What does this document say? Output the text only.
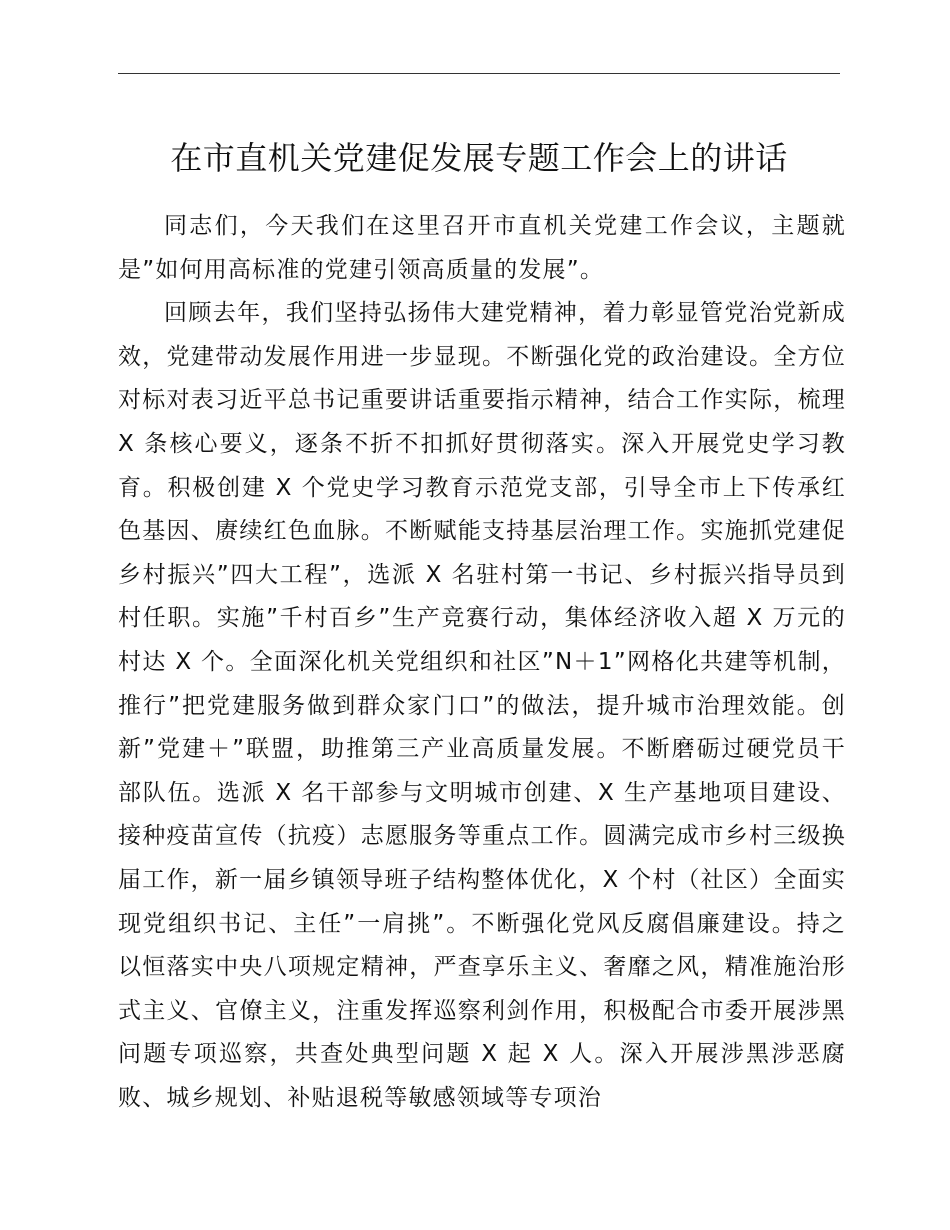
在市直机关党建促发展专题工作会上的讲话

同志们，今天我们在这里召开市直机关党建工作会议，主题就是”如何用高标准的党建引领高质量的发展”。

回顾去年，我们坚持弘扬伟大建党精神，着力彰显管党治党新成效，党建带动发展作用进一步显现。不断强化党的政治建设。全方位对标对表习近平总书记重要讲话重要指示精神，结合工作实际，梳理 X 条核心要义，逐条不折不扣抓好贯彻落实。深入开展党史学习教育。积极创建 X 个党史学习教育示范党支部，引导全市上下传承红色基因、赓续红色血脉。不断赋能支持基层治理工作。实施抓党建促乡村振兴”四大工程”，选派 X 名驻村第一书记、乡村振兴指导员到村任职。实施”千村百乡”生产竞赛行动，集体经济收入超 X 万元的村达 X 个。全面深化机关党组织和社区”N＋1”网格化共建等机制，推行”把党建服务做到群众家门口”的做法，提升城市治理效能。创新”党建＋”联盟，助推第三产业高质量发展。不断磨砺过硬党员干部队伍。选派 X 名干部参与文明城市创建、X 生产基地项目建设、接种疫苗宣传（抗疫）志愿服务等重点工作。圆满完成市乡村三级换届工作，新一届乡镇领导班子结构整体优化，X 个村（社区）全面实现党组织书记、主任”一肩挑”。不断强化党风反腐倡廉建设。持之以恒落实中央八项规定精神，严查享乐主义、奢靡之风，精准施治形式主义、官僚主义，注重发挥巡察利剑作用，积极配合市委开展涉黑问题专项巡察，共查处典型问题 X 起 X 人。深入开展涉黑涉恶腐败、城乡规划、补贴退税等敏感领域等专项治
